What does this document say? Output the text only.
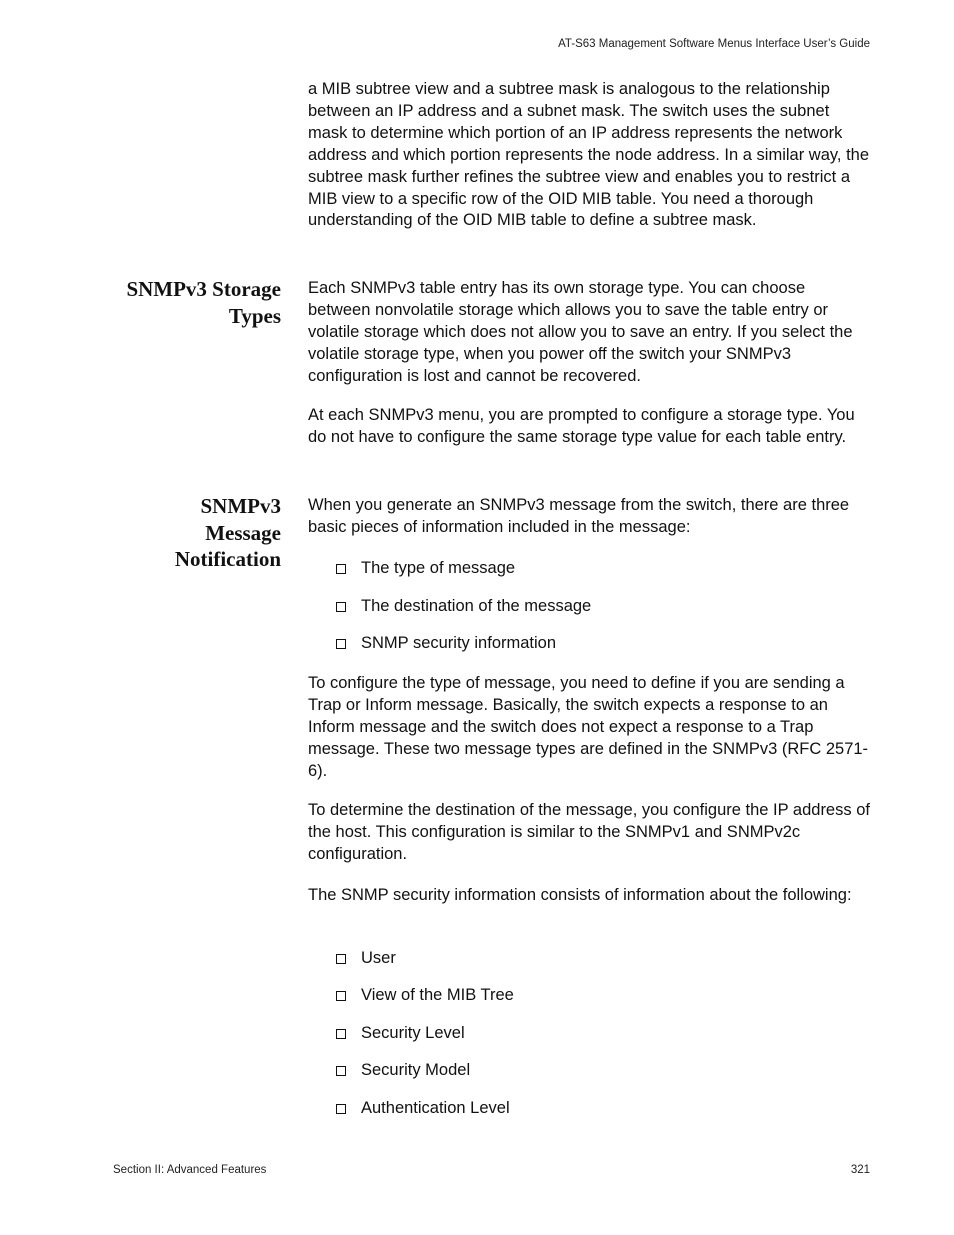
AT-S63 Management Software Menus Interface User’s Guide

a MIB subtree view and a subtree mask is analogous to the relationship between an IP address and a subnet mask. The switch uses the subnet mask to determine which portion of an IP address represents the network address and which portion represents the node address. In a similar way, the subtree mask further refines the subtree view and enables you to restrict a MIB view to a specific row of the OID MIB table. You need a thorough understanding of the OID MIB table to define a subtree mask.

SNMPv3 Storage
Types

Each SNMPv3 table entry has its own storage type. You can choose between nonvolatile storage which allows you to save the table entry or volatile storage which does not allow you to save an entry. If you select the volatile storage type, when you power off the switch your SNMPv3 configuration is lost and cannot be recovered.

At each SNMPv3 menu, you are prompted to configure a storage type. You do not have to configure the same storage type value for each table entry.

SNMPv3
Message
Notification

When you generate an SNMPv3 message from the switch, there are three basic pieces of information included in the message:

The type of message
The destination of the message
SNMP security information

To configure the type of message, you need to define if you are sending a Trap or Inform message. Basically, the switch expects a response to an Inform message and the switch does not expect a response to a Trap message. These two message types are defined in the SNMPv3 (RFC 2571-6).

To determine the destination of the message, you configure the IP address of the host. This configuration is similar to the SNMPv1 and SNMPv2c configuration.

The SNMP security information consists of information about the following:

User
View of the MIB Tree
Security Level
Security Model
Authentication Level
Section II: Advanced Features	321
